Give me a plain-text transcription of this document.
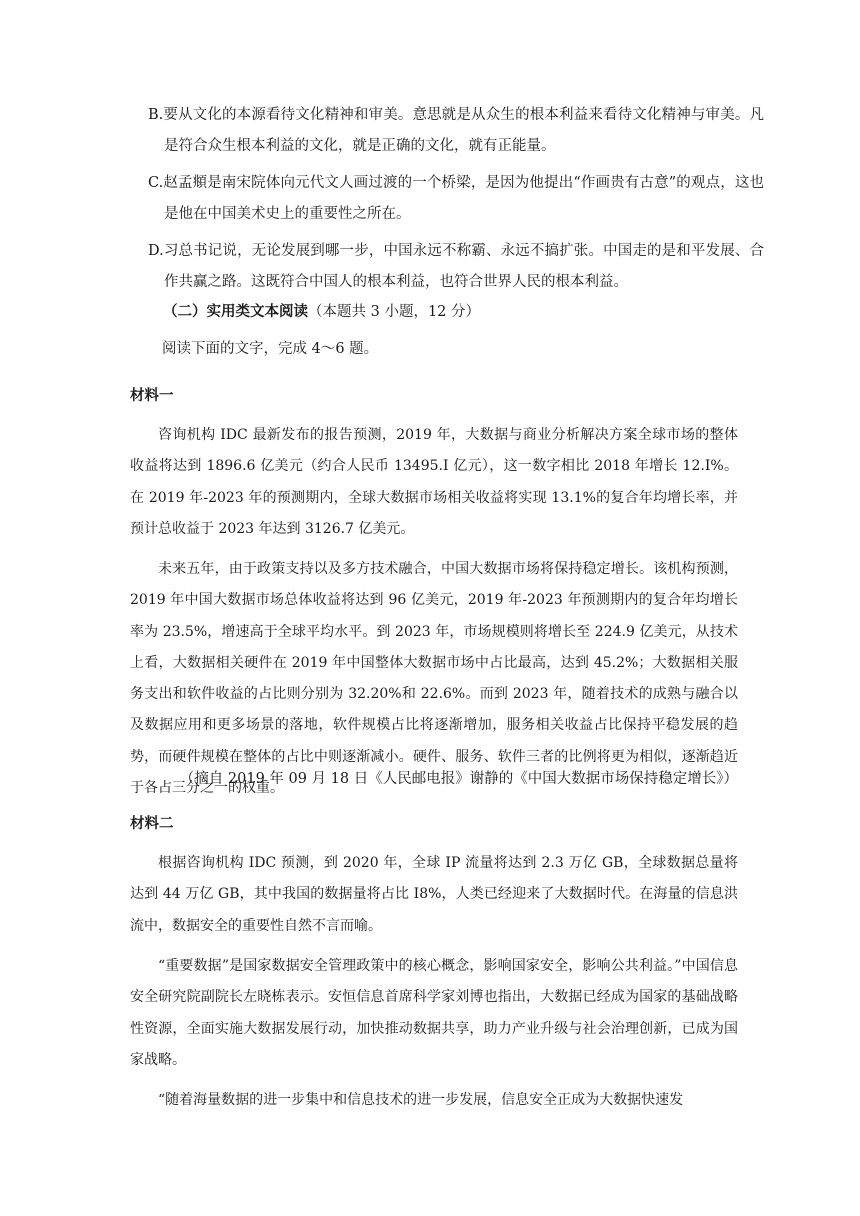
B.要从文化的本源看待文化精神和审美。意思就是从众生的根本利益来看待文化精神与审美。凡是符合众生根本利益的文化，就是正确的文化，就有正能量。
C.赵孟頫是南宋院体向元代文人画过渡的一个桥梁，是因为他提出“作画贵有古意”的观点，这也是他在中国美术史上的重要性之所在。
D.习总书记说，无论发展到哪一步，中国永远不称霸、永远不搞扩张。中国走的是和平发展、合作共赢之路。这既符合中国人的根本利益，也符合世界人民的根本利益。
（二）实用类文本阅读（本题共 3 小题，12 分）
阅读下面的文字，完成 4～6 题。
材料一
咨询机构 IDC 最新发布的报告预测，2019 年，大数据与商业分析解决方案全球市场的整体收益将达到 1896.6 亿美元（约合人民币 13495.I 亿元），这一数字相比 2018 年增长 12.I%。在 2019 年-2023 年的预测期内，全球大数据市场相关收益将实现 13.1%的复合年均增长率，并预计总收益于 2023 年达到 3126.7 亿美元。
未来五年，由于政策支持以及多方技术融合，中国大数据市场将保持稳定增长。该机构预测，2019 年中国大数据市场总体收益将达到 96 亿美元，2019 年-2023 年预测期内的复合年均增长率为 23.5%，增速高于全球平均水平。到 2023 年，市场规模则将增长至 224.9 亿美元，从技术上看，大数据相关硬件在 2019 年中国整体大数据市场中占比最高，达到 45.2%；大数据相关服务支出和软件收益的占比则分别为 32.20%和 22.6%。而到 2023 年，随着技术的成熟与融合以及数据应用和更多场景的落地，软件规模占比将逐渐增加，服务相关收益占比保持平稳发展的趋势，而硬件规模在整体的占比中则逐渐减小。硬件、服务、软件三者的比例将更为相似，逐渐趋近于各占三分之一的权重。
（摘自 2019 年 09 月 18 日《人民邮电报》谢静的《中国大数据市场保持稳定增长》）
材料二
根据咨询机构 IDC 预测，到 2020 年，全球 IP 流量将达到 2.3 万亿 GB，全球数据总量将达到 44 万亿 GB，其中我国的数据量将占比 I8%，人类已经迎来了大数据时代。在海量的信息洪流中，数据安全的重要性自然不言而喻。
“重要数据”是国家数据安全管理政策中的核心概念，影响国家安全，影响公共利益。”中国信息安全研究院副院长左晓栋表示。安恒信息首席科学家刘博也指出，大数据已经成为国家的基础战略性资源，全面实施大数据发展行动，加快推动数据共享，助力产业升级与社会治理创新，已成为国家战略。
“随着海量数据的进一步集中和信息技术的进一步发展，信息安全正成为大数据快速发
